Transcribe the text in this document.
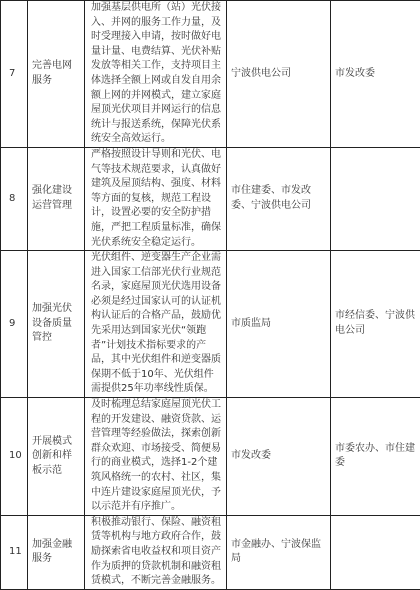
7	完善电网服务	加强基层供电所（站）光伏接入、并网的服务工作力量，及时受理接入申请，按时做好电量计量、电费结算、光伏补贴发放等相关工作，支持项目主体选择全额上网或自发自用余额上网的并网模式，建立家庭屋顶光伏项目并网运行的信息统计与报送系统，保障光伏系统安全高效运行。	宁波供电公司	市发改委
8	强化建设运营管理	严格按照设计导则和光伏、电气等技术规范要求，认真做好建筑及屋顶结构、强度、材料等方面的复核，规范工程设计，设置必要的安全防护措施，严把工程质量标准，确保光伏系统安全稳定运行。	市住建委、市发改委、宁波供电公司	
9	加强光伏设备质量管控	光伏组件、逆变器生产企业需进入国家工信部光伏行业规范名录，家庭屋顶光伏选用设备必须是经过国家认可的认证机构认证后的合格产品，鼓励优先采用达到国家光伏“领跑者”计划技术指标要求的产品，其中光伏组件和逆变器质保期不低于10年、光伏组件需提供25年功率线性质保。	市质监局	市经信委、宁波供电公司
10	开展模式创新和样板示范	及时梳理总结家庭屋顶光伏工程的开发建设、融资贷款、运营管理等经验做法，探索创新群众欢迎、市场接受、简便易行的商业模式，选择1-2个建筑风格统一的农村、社区，集中连片建设家庭屋顶光伏，予以示范并有序推广。	市发改委	市委农办、市住建委
11	加强金融服务	积极推动银行、保险、融资租赁等机构与地方政府合作，鼓励探索省电收益权和项目资产作为质押的贷款机制和融资租赁模式，不断完善金融服务。	市金融办、宁波保监局	
